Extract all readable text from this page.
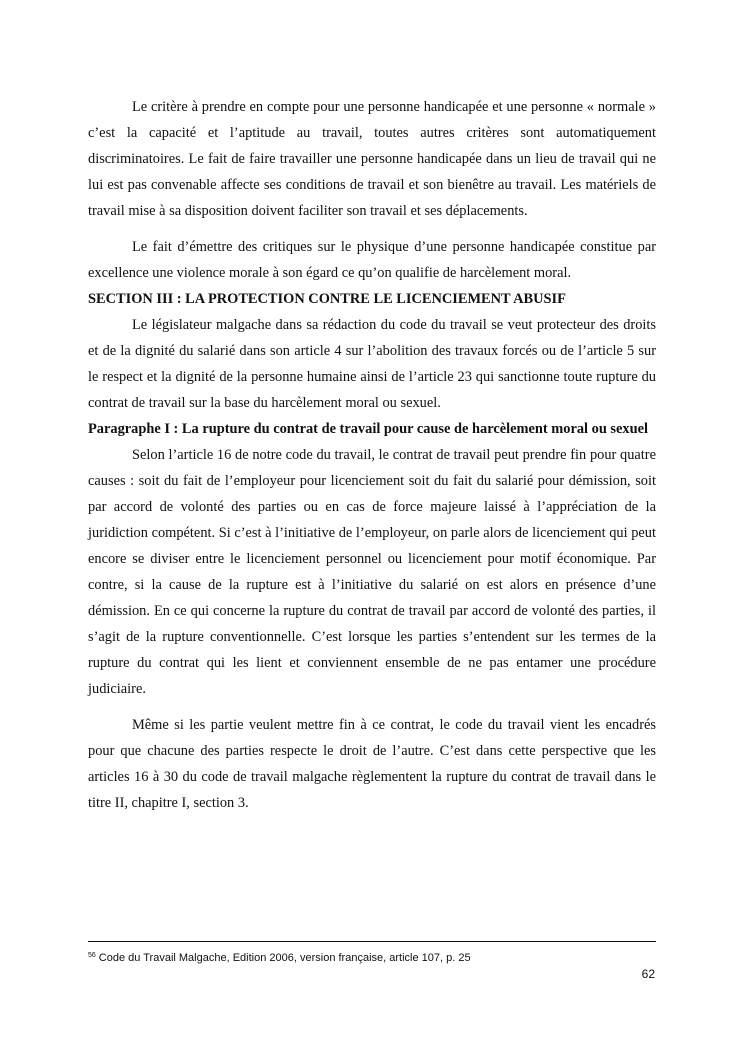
Le critère à prendre en compte pour une personne handicapée et une personne « normale » c’est la capacité et l’aptitude au travail, toutes autres critères sont automatiquement discriminatoires. Le fait de faire travailler une personne handicapée dans un lieu de travail qui ne lui est pas convenable affecte ses conditions de travail et son bienêtre au travail. Les matériels de travail mise à sa disposition doivent faciliter son travail et ses déplacements.

Le fait d’émettre des critiques sur le physique d’une personne handicapée constitue par excellence une violence morale à son égard ce qu’on qualifie de harcèlement moral.

SECTION III : LA PROTECTION CONTRE LE LICENCIEMENT ABUSIF

Le législateur malgache dans sa rédaction du code du travail se veut protecteur des droits et de la dignité du salarié dans son article 4 sur l’abolition des travaux forcés ou de l’article 5 sur le respect et la dignité de la personne humaine ainsi de l’article 23 qui sanctionne toute rupture du contrat de travail sur la base du harcèlement moral ou sexuel.

Paragraphe I : La rupture du contrat de travail pour cause de harcèlement moral ou sexuel

Selon l’article 16 de notre code du travail, le contrat de travail peut prendre fin pour quatre causes : soit du fait de l’employeur pour licenciement soit du fait du salarié pour démission, soit par accord de volonté des parties ou en cas de force majeure laissé à l’appréciation de la juridiction compétent. Si c’est à l’initiative de l’employeur, on parle alors de licenciement qui peut encore se diviser entre le licenciement personnel ou licenciement pour motif économique. Par contre, si la cause de la rupture est à l’initiative du salarié on est alors en présence d’une démission. En ce qui concerne la rupture du contrat de travail par accord de volonté des parties, il s’agit de la rupture conventionnelle. C’est lorsque les parties s’entendent sur les termes de la rupture du contrat qui les lient et conviennent ensemble de ne pas entamer une procédure judiciaire.

Même si les partie veulent mettre fin à ce contrat, le code du travail vient les encadrés pour que chacune des parties respecte le droit de l’autre. C’est dans cette perspective que les articles 16 à 30 du code de travail malgache règlementent la rupture du contrat de travail dans le titre II, chapitre I, section 3.

$^{56}$ Code du Travail Malgache, Edition 2006, version française, article 107, p. 25
62
